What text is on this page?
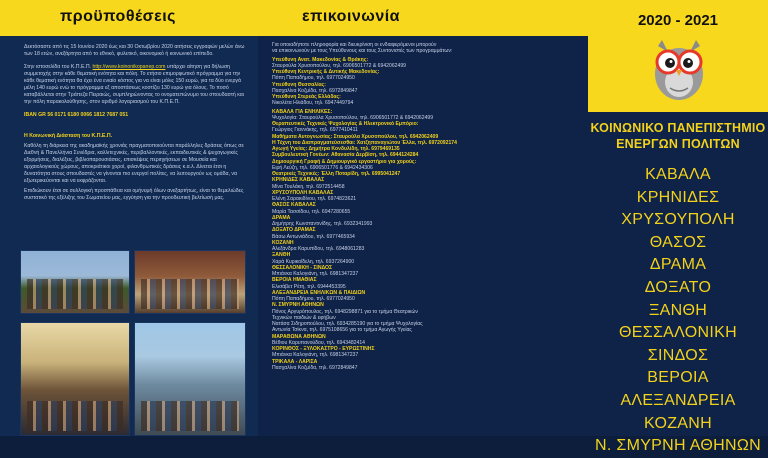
προϋποθέσεις	επικοινωνία

Δεκτόσαστε από τις 15 Ιουνίου 2020 έως και 30 Οκτωβρίου 2020 αιτήσεις εγγραφών μελών άνω των 18 ετών, ανεξάρτητα από το εθνικό, φυλετικό, οικονομικό ή κοινωνικό επίπεδο.

Στην ιστοσελίδα του Κ.Π.Ε.Π. http://www.koinonikopanep.com υπάρχει αίτηση για δήλωση συμμετοχής στην κάθε θεματική ενότητα και πόλη. Το ετήσιο επιμορφωτικό πρόγραμμα για την κάθε θεματική ενότητα θα έχει ένα ενιαίο κόστος για να είναι μόλις 150 ευρώ, για τα δύο ενεργά μέλη 140 ευρώ ενώ το πρόγραμμα εξ αποστάσεως κοστίζει 130 ευρώ για όλους. Το ποσό καταβάλλεται στην Τράπεζα Πειραιώς, συμπληρώνοντας το ονοματεπώνυμο του σπουδαστή και την πόλη παρακολούθησης, στον αριθμό λογαριασμού του Κ.Π.Ε.Π.

IBAN GR 56 0171 6180 0066 1812 7687 051

Η Κοινωνική Διάσταση του Κ.Π.Ε.Π.

Καθόλη τη διάρκεια της ακαδημαϊκής χρονιάς πραγματοποιούνται παράλληλες δράσεις όπως σε Διεθνή & Πανελλήνια Συνέδρια, καλλιτεχνικές, περιβαλλοντικές, εκπαιδευτικές & ψυχαγωγικές εξορμήσεις, διαλέξεις, βιβλιοπαρουσιάσεις, επισκέψεις περιηγήσεων σε Μουσεία και αρχαιολογικούς χώρους, αποκριάτικοι χοροί, φιλανθρωπικές δράσεις κ.α.λ. Δίνεται έτσι η δυνατότητα στους σπουδαστές να γίνονται πιο ενεργοί πολίτες, να λειτουργούν ως ομάδα, να εξωτερικεύονται και να εκφράζονται.

Επιδιώκουν έτσι σε συλλογική προσπάθεια και ομήνυμή όλων ανεξαρτήτως, είναι το θεμελιώδες συστατικό της εξέλιξης του Σωματείου μας, εγγύηση για την προοδευτική βελτίωσή μας.

Για οποιαδήποτε πληροφορία και διευκρίνιση οι ενδιαφερόμενοι μπορούν
να επικοινωνούν με τους Υπεύθυνους και τους Συντονιστές των προγραμμάτων:
Υπεύθυνη Ανατ. Μακεδονίας & Θράκης:
Σταυρούλα Χρυσοπούλου, τηλ. 6906501772 & 6942062499
Υπεύθυνη Κεντρικής & Δυτικής Μακεδονίας:
Πόπη Παπαδήμου, τηλ. 6977024950
Υπεύθυνη Θεσσαλίας:
Πασχαλίνα Κοζμίδα, τηλ. 6972849847
Υπεύθυνη Στερεάς Ελλάδας:
Νικολέτα Ηλιάδου, τηλ. 6947449794
ΚΑΒΑΛΑ ΓΙΑ ΕΝΗΛΙΚΕΣ:
Ψυχολογία: Σταυρούλα Χρυσοπούλου, τηλ. 6906501772 & 6942062499
Θεραπευτικές Τεχνικές Ψυχολογίας & Ηλεκτρονικό Εμπόριο:
Γεώργιος Γιαννάκης, τηλ. 6977410411
Μαθήματα Αυτογνωσίας: Σταυρούλα Χρυσοπούλου, τηλ. 6942062409
Η Τέχνη του Διαπραγματεύσεσθαι: Χατζηπαναγιώτου Έλλα, τηλ. 6972092174
Αγωγή Υγείας: Δημήτρα Κονδυλίδη, τηλ. 6979469135
Συμβουλευτική Γονέων: Αθανασία Δερβίση, τηλ. 6944124284
Δημιουργική Γραφή & Δημιουργικό εργαστήριο για χορούς:
Ειρή Λεύζη, τηλ. 6906501776 & 6942434306
Θεατρικές Τεχνικές: Έλλη Ποταρίδη, τηλ. 6995041247
ΚΡΗΝΙΔΕΣ ΚΑΒΑΛΑΣ
Μίνα Τουλάκη, τηλ. 6972514458
ΧΡΥΣΟΥΠΟΛΗ ΚΑΒΑΛΑΣ
Ελένη Σαρακιδίνου, τηλ. 6974823621
ΘΑΣΟΣ ΚΑΒΑΛΑΣ
Μαρία Τασσίδου, τηλ. 6947280655
ΔΡΑΜΑ
Δημήτρης Κωνσταντινίδης, τηλ. 6932341993
ΔΟΞΑΤΟ ΔΡΑΜΑΣ
Βάσω Αντωνιάδου, τηλ. 6977465934
ΚΟΖΑΝΗ
Αλεξάνδρα Καρυπίδου, τηλ. 6948061283
ΞΑΝΘΗ
Χαρά Κυρικοΐδελη, τηλ. 6937264900
ΘΕΣΣΑΛΟΝΙΚΗ - ΣΙΝΔΟΣ
Μπιάνκα Καλογιάνη, τηλ. 6981347237
ΒΕΡΟΙΑ ΗΜΑΘΙΑΣ
Ελισάβετ Ρέτη, τηλ. 6944453395
ΑΛΕΞΑΝΔΡΕΙΑ ΕΝΗΛΙΚΩΝ & ΠΑΙΔΙΩΝ
Πόπη Παπαδήμου, τηλ. 6977024950
Ν. ΣΜΥΡΝΗ ΑΘΗΝΩΝ
Πόνος Αργυρόπουλος, τηλ. 6948298871 για το τμήμα Θεατρικών
Τεχνικών παιδιών & εφήβων
Νατάσα Σιδηροπούλου, τηλ. 6934285190 για το τμήμα Ψυχολογίας
Αντωνία Τσίκνα, τηλ. 6975108656 για το τμήμα Αγωγής Υγείας
ΜΑΡΑΘΩΝΑ ΑΘΗΝΩΝ
Βέθιου Καρυπανούδου, τηλ. 6943482414
ΚΟΡΙΝΘΟΣ - ΞΥΛΟΚΑΣΤΡΟ - ΕΥΡΩΣΤΙΝΗΣ
Μπιάνκα Καλογιάνη, τηλ. 6981347237
ΤΡΙΚΑΛΑ - ΛΑΡΙΣΑ
Πασχαλίνα Κοζμίδα, τηλ. 6972849847
2020 - 2021
ΚΟΙΝΩΝΙΚΟ ΠΑΝΕΠΙΣΤΗΜΙΟ
ΕΝΕΡΓΩΝ ΠΟΛΙΤΩΝ
ΚΑΒΑΛΑ
ΚΡΗΝΙΔΕΣ
ΧΡΥΣΟΥΠΟΛΗ
ΘΑΣΟΣ
ΔΡΑΜΑ
ΔΟΞΑΤΟ
ΞΑΝΘΗ
ΘΕΣΣΑΛΟΝΙΚΗ
ΣΙΝΔΟΣ
ΒΕΡΟΙΑ
ΑΛΕΞΑΝΔΡΕΙΑ
ΚΟΖΑΝΗ
Ν. ΣΜΥΡΝΗ ΑΘΗΝΩΝ
